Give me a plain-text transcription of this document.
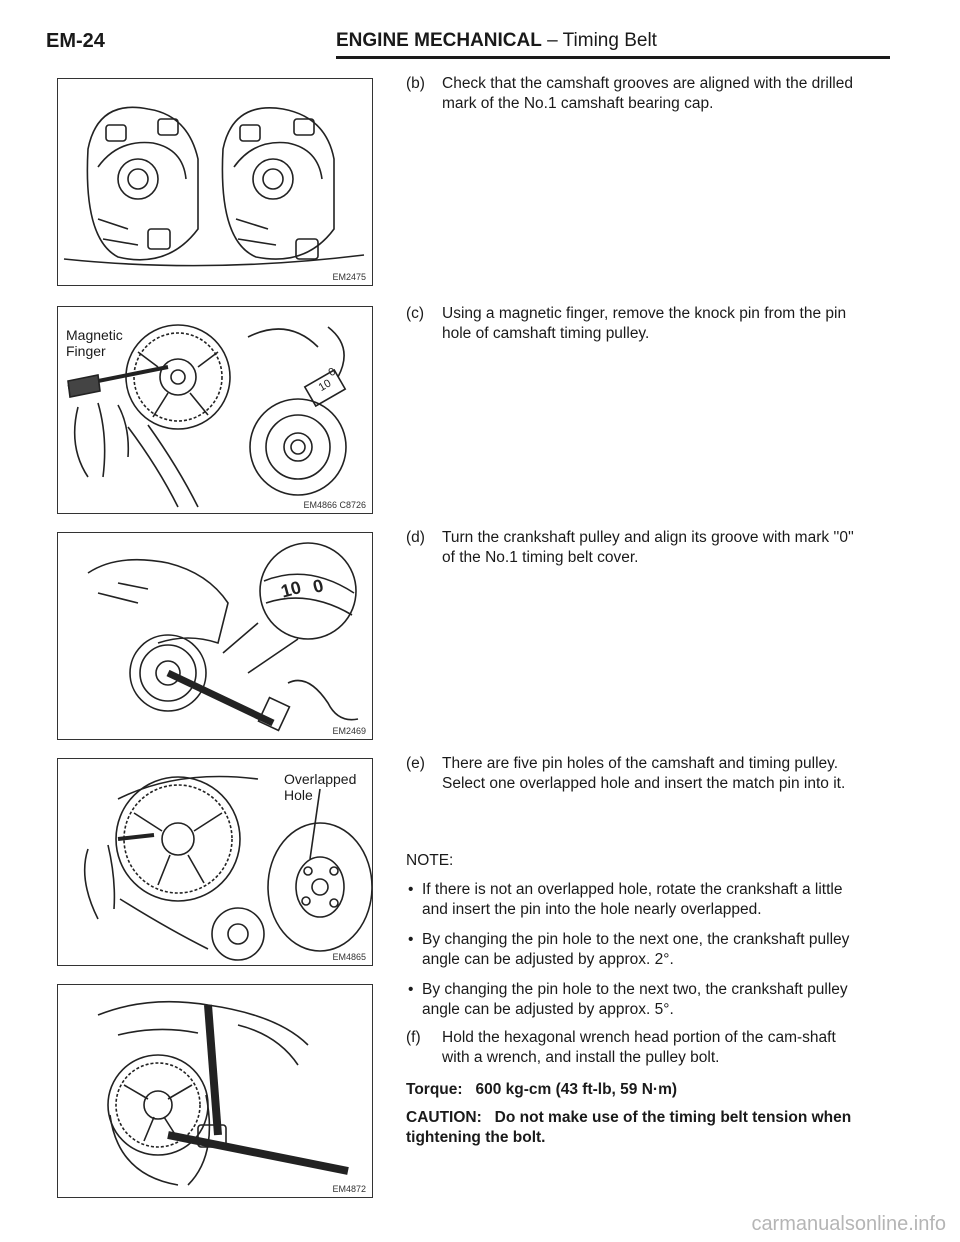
EM-24	ENGINE MECHANICAL – Timing Belt
EM2475
10
0
Magnetic
Finger
EM4866 C8726
10 0
EM2469
Overlapped
Hole
EM4865
EM4872
(b) Check that the camshaft grooves are aligned with the drilled mark of the No.1 camshaft bearing cap.
(c) Using a magnetic finger, remove the knock pin from the pin hole of camshaft timing pulley.
(d) Turn the crankshaft pulley and align its groove with mark ''0'' of the No.1 timing belt cover.
(e) There are five pin holes of the camshaft and timing pulley.
Select one overlapped hole and insert the match pin into it.
NOTE:
• If there is not an overlapped hole, rotate the crankshaft a little and insert the pin into the hole nearly overlapped.
• By changing the pin hole to the next one, the crankshaft pulley angle can be adjusted by approx. 2°.
• By changing the pin hole to the next two, the crankshaft pulley angle can be adjusted by approx. 5°.
(f) Hold the hexagonal wrench head portion of the cam-shaft with a wrench, and install the pulley bolt.
Torque:   600 kg-cm (43 ft-lb, 59 N·m)
CAUTION:   Do not make use of the timing belt tension when tightening the bolt.
carmanualsonline.info
